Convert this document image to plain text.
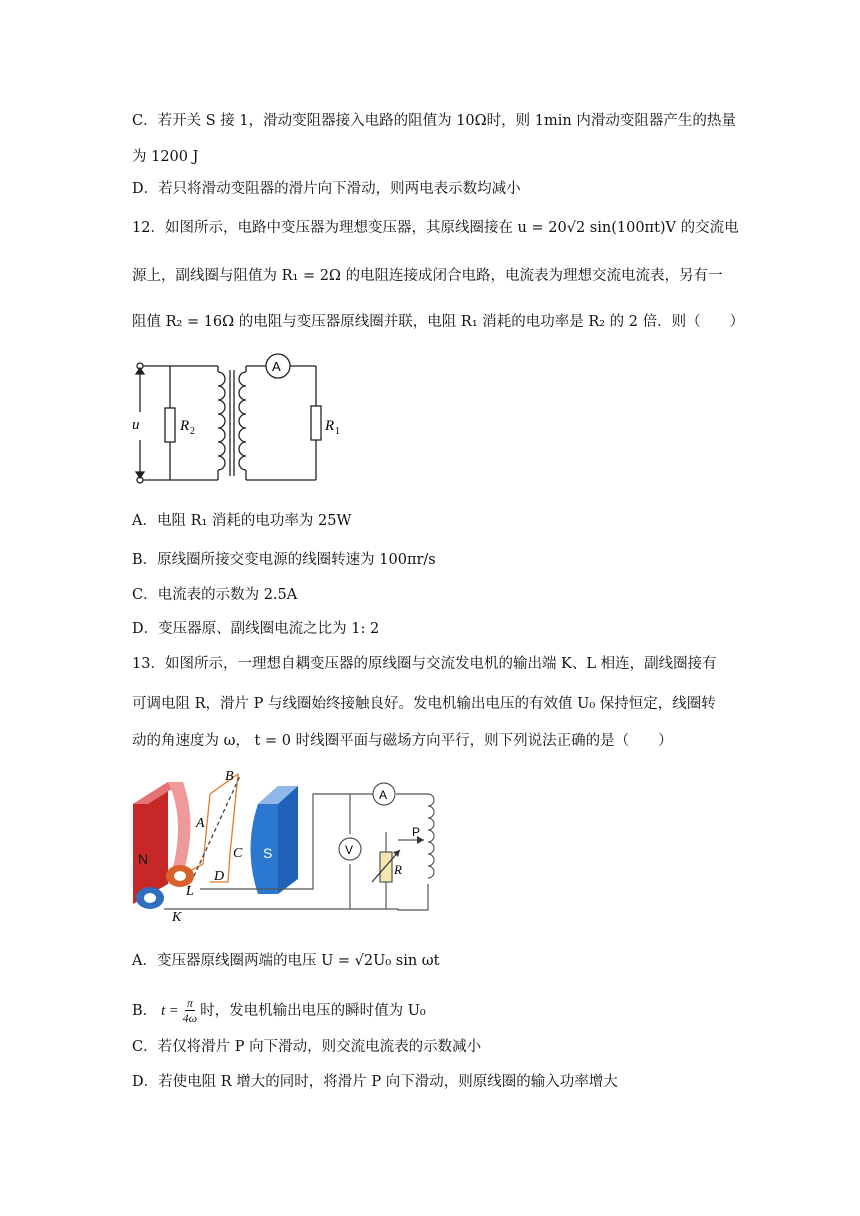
C．若开关 S 接 1，滑动变阻器接入电路的阻值为 10Ω时，则 1min 内滑动变阻器产生的热量
为 1200 J
D．若只将滑动变阻器的滑片向下滑动，则两电表示数均减小
12．如图所示，电路中变压器为理想变压器，其原线圈接在 u = 20√2 sin(100πt)V 的交流电
源上，副线圈与阻值为 R₁ = 2Ω 的电阻连接成闭合电路，电流表为理想交流电流表，另有一
阻值 R₂ = 16Ω 的电阻与变压器原线圈并联，电阻 R₁ 消耗的电功率是 R₂ 的 2 倍．则（　　）
u	R 2
A
R 1
A．电阻 R₁ 消耗的电功率为 25W
B．原线圈所接交变电源的线圈转速为 100πr/s
C．电流表的示数为 2.5A
D．变压器原、副线圈电流之比为 1: 2
13．如图所示，一理想自耦变压器的原线圈与交流发电机的输出端 K、L 相连，副线圈接有
可调电阻 R，滑片 P 与线圈始终接触良好。发电机输出电压的有效值 U₀ 保持恒定，线圈转
动的角速度为 ω， t = 0 时线圈平面与磁场方向平行，则下列说法正确的是（　　）
N	S
A
B
C
D
L
K
A
V
R
P
A．变压器原线圈两端的电压 U = √2U₀ sin ωt
B． $t = \frac{\pi}{4\omega}$ 时，发电机输出电压的瞬时值为 U₀
C．若仅将滑片 P 向下滑动，则交流电流表的示数减小
D．若使电阻 R 增大的同时，将滑片 P 向下滑动，则原线圈的输入功率增大
